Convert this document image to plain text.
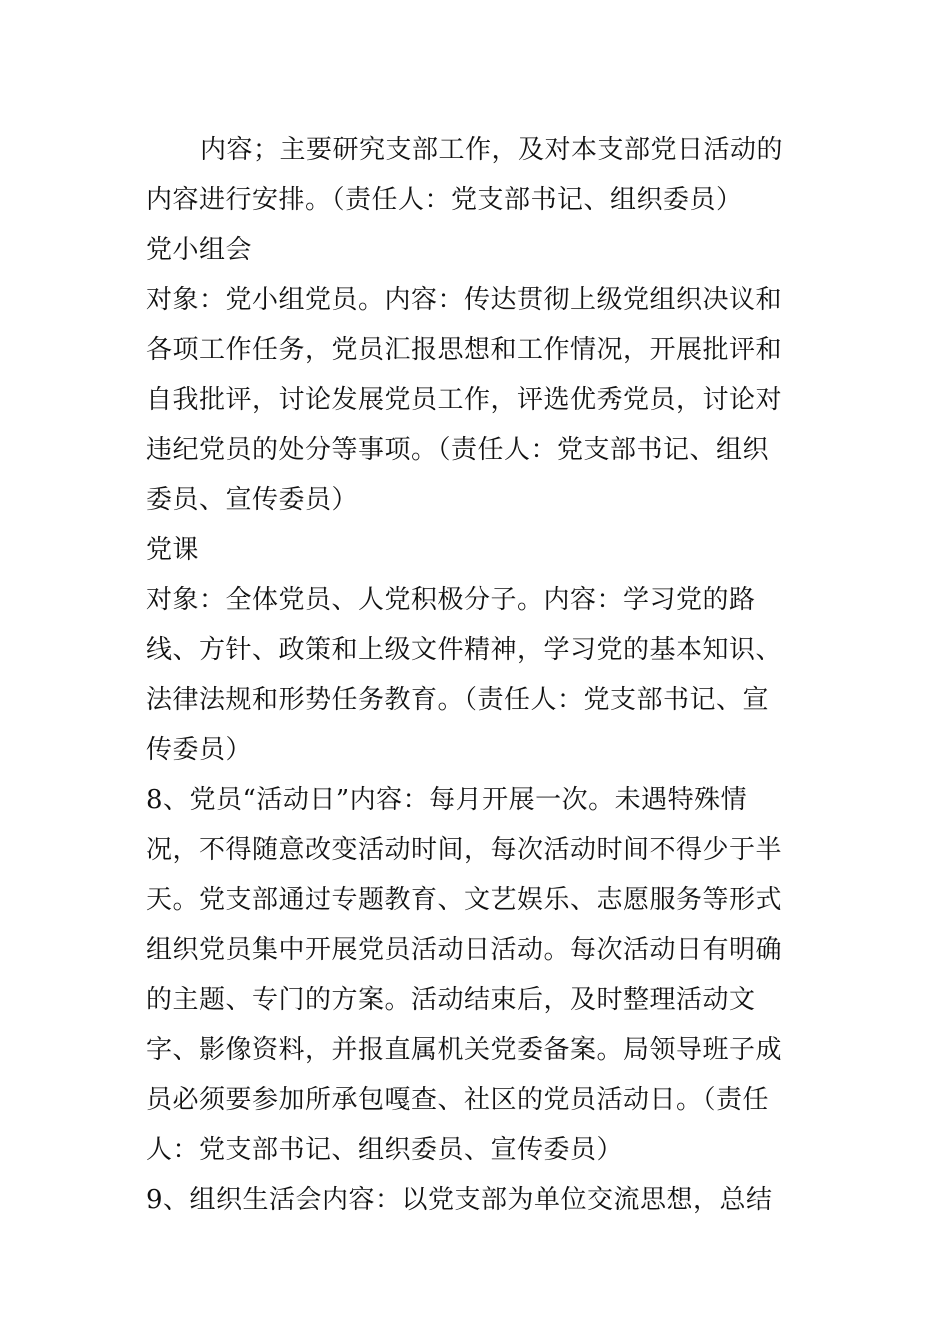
内容；主要研究支部工作，及对本支部党日活动的
内容进行安排。（责任人：党支部书记、组织委员）
党小组会
对象：党小组党员。内容：传达贯彻上级党组织决议和
各项工作任务，党员汇报思想和工作情况，开展批评和
自我批评，讨论发展党员工作，评选优秀党员，讨论对
违纪党员的处分等事项。（责任人：党支部书记、组织
委员、宣传委员）
党课
对象：全体党员、人党积极分子。内容：学习党的路
线、方针、政策和上级文件精神，学习党的基本知识、
法律法规和形势任务教育。（责任人：党支部书记、宣
传委员）
8、党员“活动日”内容：每月开展一次。未遇特殊情
况，不得随意改变活动时间，每次活动时间不得少于半
天。党支部通过专题教育、文艺娱乐、志愿服务等形式
组织党员集中开展党员活动日活动。每次活动日有明确
的主题、专门的方案。活动结束后，及时整理活动文
字、影像资料，并报直属机关党委备案。局领导班子成
员必须要参加所承包嘎查、社区的党员活动日。（责任
人：党支部书记、组织委员、宣传委员）
9、组织生活会内容：以党支部为单位交流思想，总结
